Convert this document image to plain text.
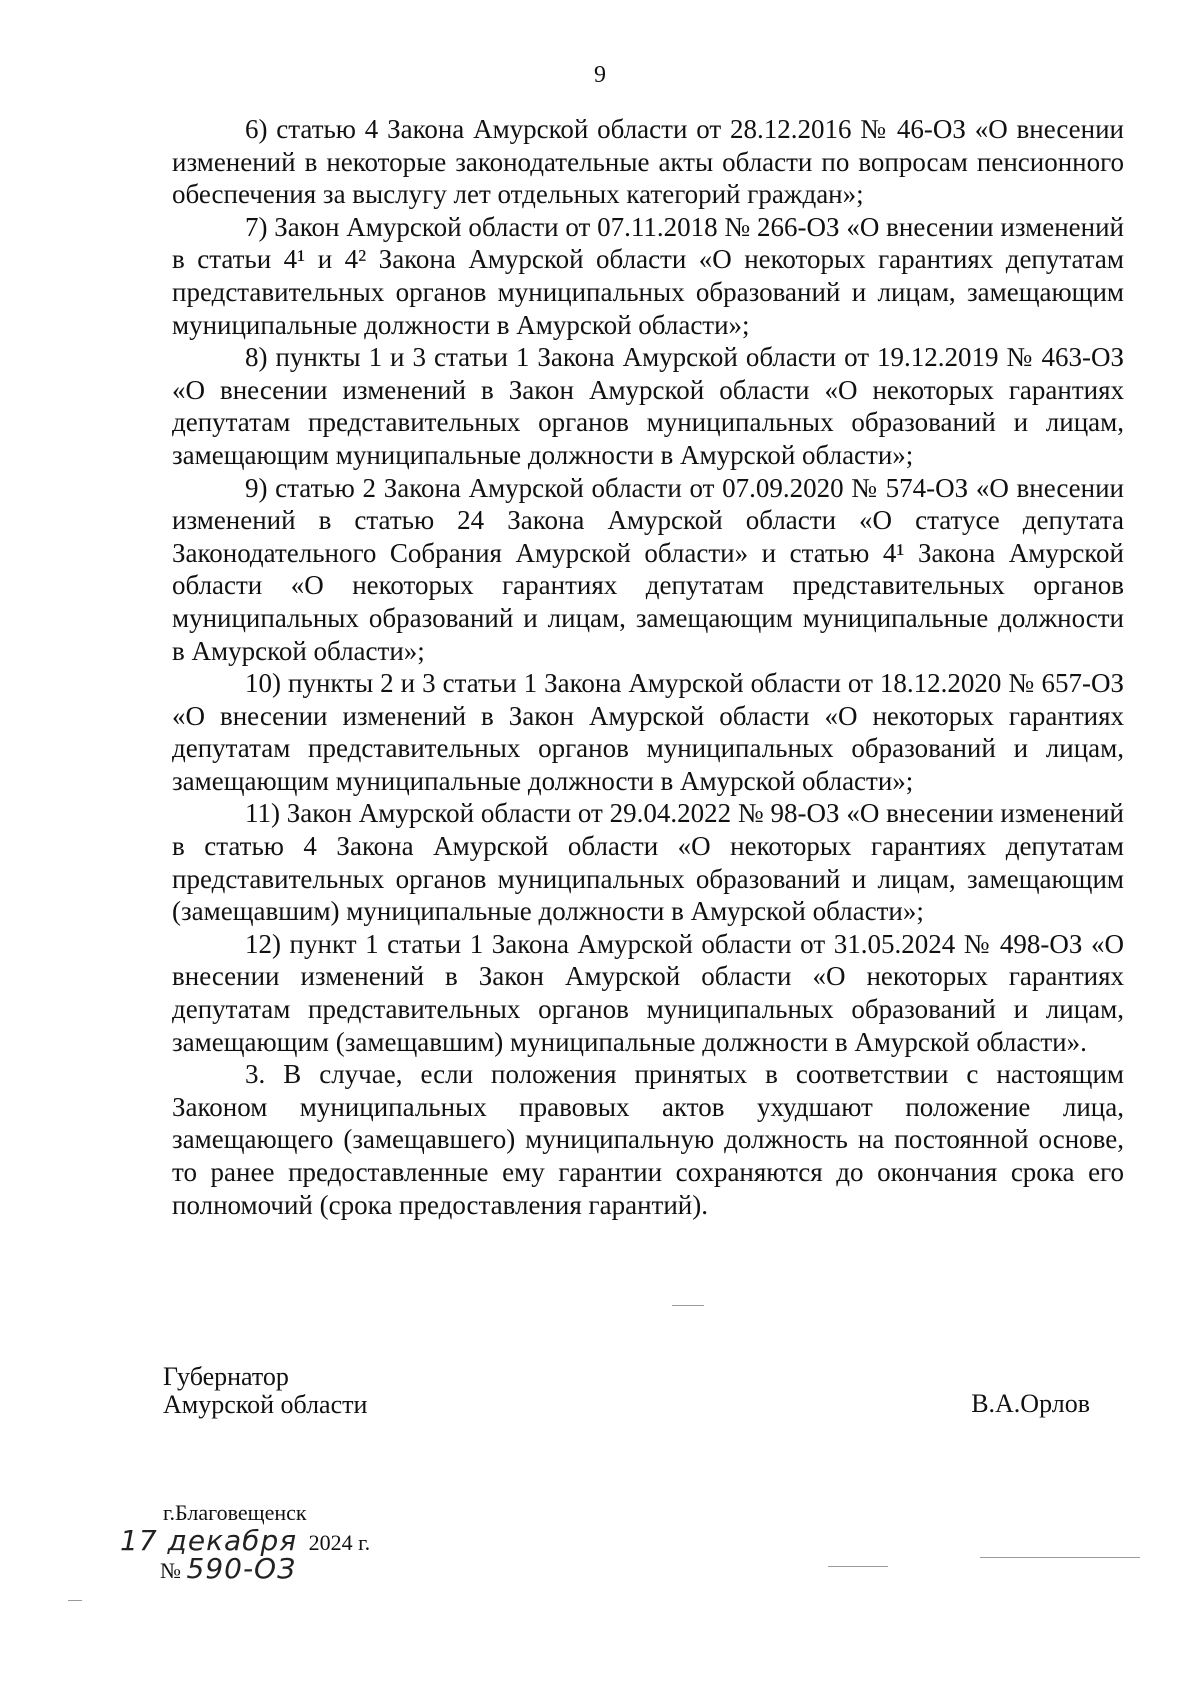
9

6) статью 4 Закона Амурской области от 28.12.2016 № 46-ОЗ «О внесении изменений в некоторые законодательные акты области по вопросам пенсионного обеспечения за выслугу лет отдельных категорий граждан»;

7) Закон Амурской области от 07.11.2018 № 266-ОЗ «О внесении изменений в статьи 4¹ и 4² Закона Амурской области «О некоторых гарантиях депутатам представительных органов муниципальных образований и лицам, замещающим муниципальные должности в Амурской области»;

8) пункты 1 и 3 статьи 1 Закона Амурской области от 19.12.2019 № 463-ОЗ «О внесении изменений в Закон Амурской области «О некоторых гарантиях депутатам представительных органов муниципальных образований и лицам, замещающим муниципальные должности в Амурской области»;

9) статью 2 Закона Амурской области от 07.09.2020 № 574-ОЗ «О внесении изменений в статью 24 Закона Амурской области «О статусе депутата Законодательного Собрания Амурской области» и статью 4¹ Закона Амурской области «О некоторых гарантиях депутатам представительных органов муниципальных образований и лицам, замещающим муниципальные должности в Амурской области»;

10) пункты 2 и 3 статьи 1 Закона Амурской области от 18.12.2020 № 657-ОЗ «О внесении изменений в Закон Амурской области «О некоторых гарантиях депутатам представительных органов муниципальных образований и лицам, замещающим муниципальные должности в Амурской области»;

11) Закон Амурской области от 29.04.2022 № 98-ОЗ «О внесении изменений в статью 4 Закона Амурской области «О некоторых гарантиях депутатам представительных органов муниципальных образований и лицам, замещающим (замещавшим) муниципальные должности в Амурской области»;

12) пункт 1 статьи 1 Закона Амурской области от 31.05.2024 № 498-ОЗ «О внесении изменений в Закон Амурской области «О некоторых гарантиях депутатам представительных органов муниципальных образований и лицам, замещающим (замещавшим) муниципальные должности в Амурской области».

3. В случае, если положения принятых в соответствии с настоящим Законом муниципальных правовых актов ухудшают положение лица, замещающего (замещавшего) муниципальную должность на постоянной основе, то ранее предоставленные ему гарантии сохраняются до окончания срока его полномочий (срока предоставления гарантий).

Губернатор
Амурской области	В.А.Орлов
г.Благовещенск
17 декабря 2024 г.
№ 590-ОЗ
